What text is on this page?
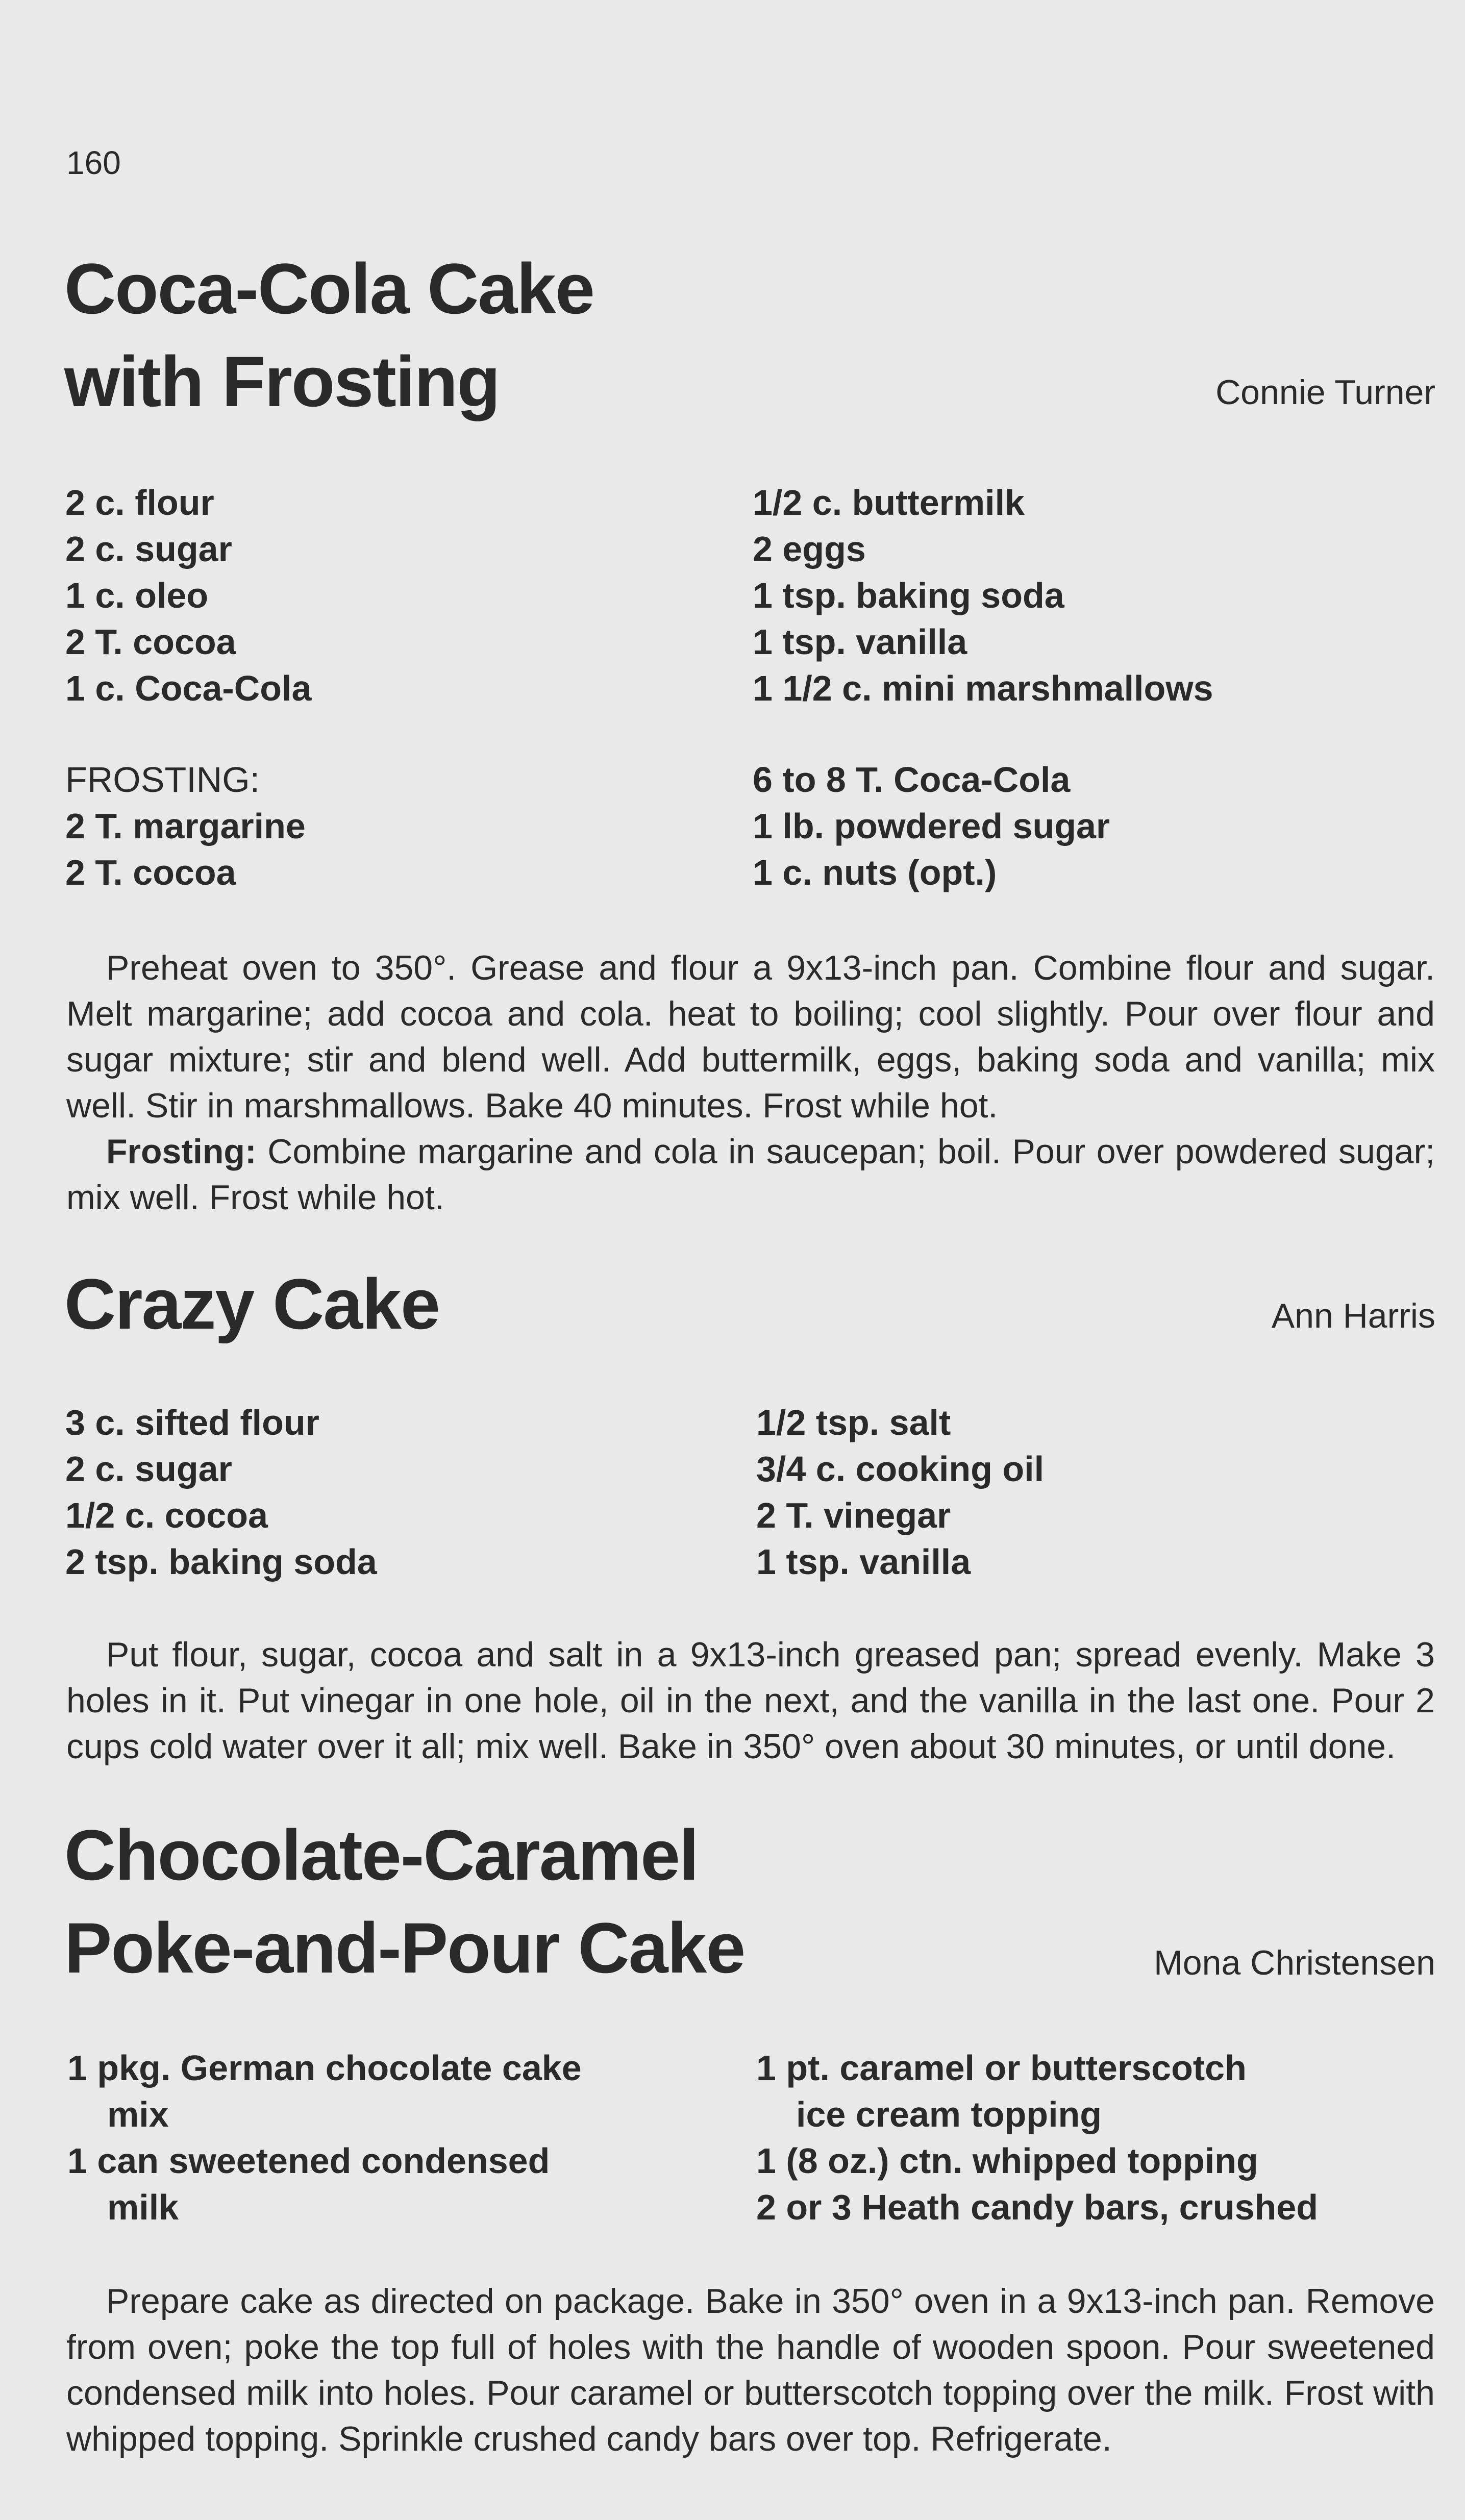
160
Coca-Cola Cake
with Frosting	Connie Turner
2 c. flour
2 c. sugar
1 c. oleo
2 T. cocoa
1 c. Coca-Cola
1/2 c. buttermilk
2 eggs
1 tsp. baking soda
1 tsp. vanilla
1 1/2 c. mini marshmallows
FROSTING:
2 T. margarine
2 T. cocoa
6 to 8 T. Coca-Cola
1 lb. powdered sugar
1 c. nuts (opt.)

Preheat oven to 350°. Grease and flour a 9x13-inch pan. Combine flour and sugar. Melt margarine; add cocoa and cola. heat to boiling; cool slightly. Pour over flour and sugar mixture; stir and blend well. Add buttermilk, eggs, baking soda and vanilla; mix well. Stir in marshmallows. Bake 40 minutes. Frost while hot.
Frosting: Combine margarine and cola in saucepan; boil. Pour over powdered sugar; mix well. Frost while hot.

Crazy Cake	Ann Harris
3 c. sifted flour
2 c. sugar
1/2 c. cocoa
2 tsp. baking soda
1/2 tsp. salt
3/4 c. cooking oil
2 T. vinegar
1 tsp. vanilla

Put flour, sugar, cocoa and salt in a 9x13-inch greased pan; spread evenly. Make 3 holes in it. Put vinegar in one hole, oil in the next, and the vanilla in the last one. Pour 2 cups cold water over it all; mix well. Bake in 350° oven about 30 minutes, or until done.

Chocolate-Caramel
Poke-and-Pour Cake	Mona Christensen
1 pkg. German chocolate cake
mix
1 can sweetened condensed
milk
1 pt. caramel or butterscotch
ice cream topping
1 (8 oz.) ctn. whipped topping
2 or 3 Heath candy bars, crushed

Prepare cake as directed on package. Bake in 350° oven in a 9x13-inch pan. Remove from oven; poke the top full of holes with the handle of wooden spoon. Pour sweetened condensed milk into holes. Pour caramel or butterscotch topping over the milk. Frost with whipped topping. Sprinkle crushed candy bars over top. Refrigerate.
